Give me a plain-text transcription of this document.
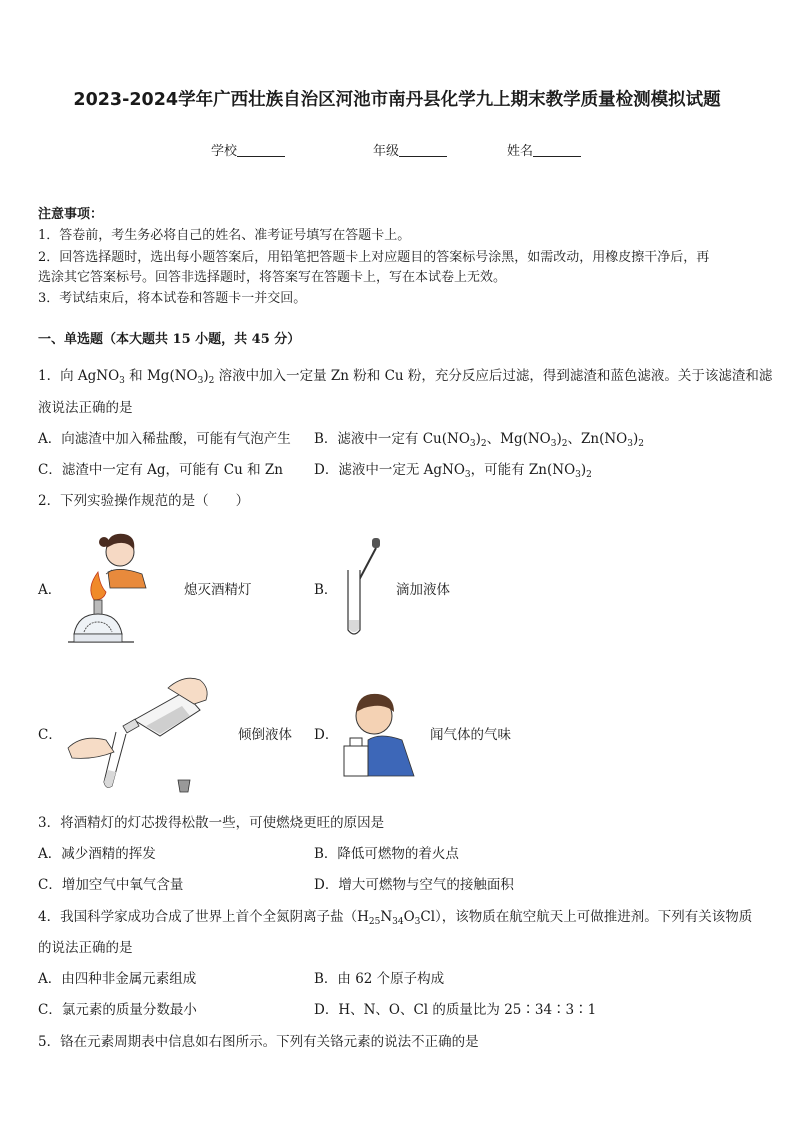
2023-2024学年广西壮族自治区河池市南丹县化学九上期末教学质量检测模拟试题
学校	年级	姓名
注意事项：
1．答卷前，考生务必将自己的姓名、准考证号填写在答题卡上。
2．回答选择题时，选出每小题答案后，用铅笔把答题卡上对应题目的答案标号涂黑，如需改动，用橡皮擦干净后，再
选涂其它答案标号。回答非选择题时，将答案写在答题卡上，写在本试卷上无效。
3．考试结束后，将本试卷和答题卡一并交回。
一、单选题（本大题共 15 小题，共 45 分）
1．向 AgNO$_3$ 和 $Mg(NO_3)_2$ 溶液中加入一定量 Zn 粉和 Cu 粉，充分反应后过滤，得到滤渣和蓝色滤液。关于该滤渣和滤
液说法正确的是
A．向滤渣中加入稀盐酸，可能有气泡产生 B．滤液中一定有 $Cu(NO_3)_2$、$Mg(NO_3)_2$、$Zn(NO_3)_2$
C．滤渣中一定有 Ag，可能有 Cu 和 Zn D．滤液中一定无 AgNO$_3$，可能有 $Zn(NO_3)_2$
2．下列实验操作规范的是（　　）
A．	熄灭酒精灯	B．	滴加液体
C．	倾倒液体 D．	闻气体的气味
3．将酒精灯的灯芯拨得松散一些，可使燃烧更旺的原因是
A．减少酒精的挥发	B．降低可燃物的着火点
C．增加空气中氧气含量	D．增大可燃物与空气的接触面积
4．我国科学家成功合成了世界上首个全氮阴离子盐$(H_{25}N_{34}O_3Cl)$，该物质在航空航天上可做推进剂。下列有关该物质
的说法正确的是
A．由四种非金属元素组成	B．由 62 个原子构成
C．氯元素的质量分数最小	D．H、N、O、Cl 的质量比为 25∶34∶3∶1
5．铬在元素周期表中信息如右图所示。下列有关铬元素的说法不正确的是
